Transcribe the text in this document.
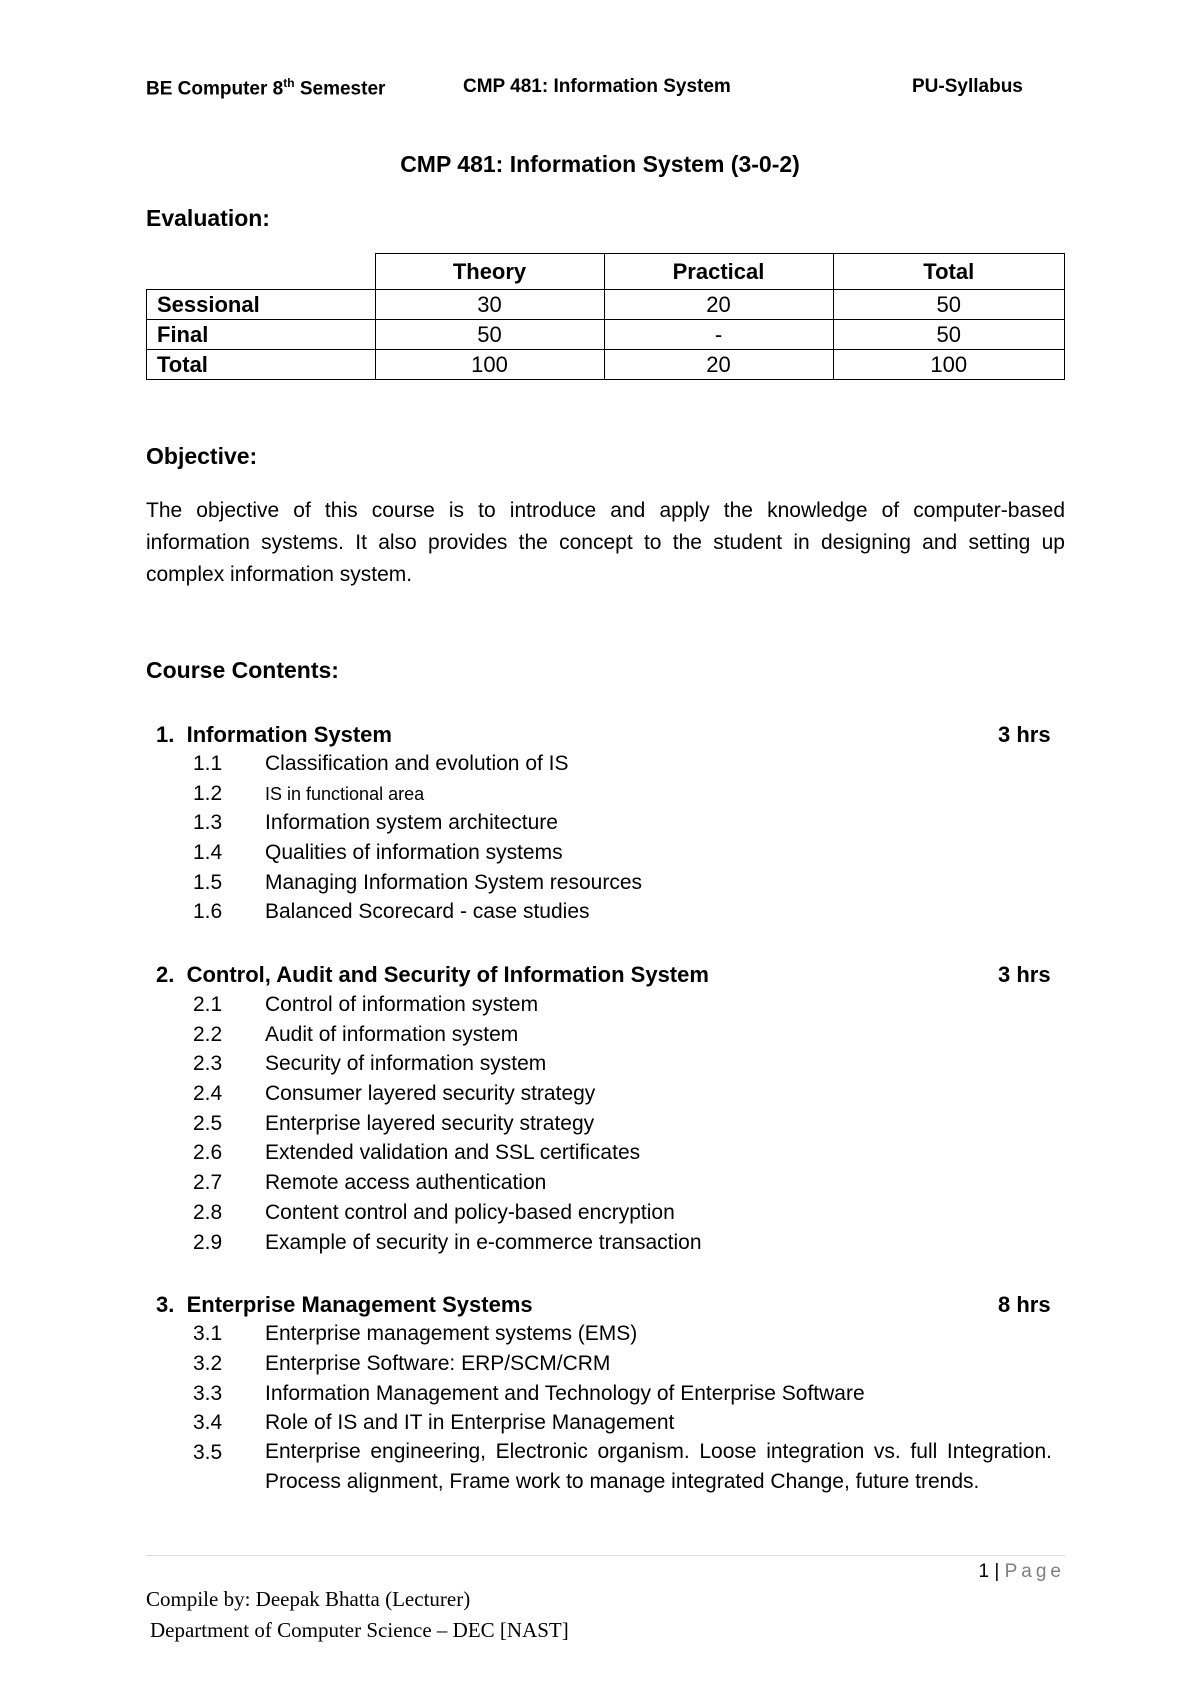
BE Computer 8th Semester	CMP 481: Information System	PU-Syllabus
CMP 481: Information System (3-0-2)
Evaluation:
	Theory	Practical	Total
Sessional	30	20	50
Final	50	-	50
Total	100	20	100
Objective:
The objective of this course is to introduce and apply the knowledge of computer-based information systems. It also provides the concept to the student in designing and setting up complex information system.
Course Contents:
1. Information System	3 hrs
1.1 Classification and evolution of IS
1.2 IS in functional area
1.3 Information system architecture
1.4 Qualities of information systems
1.5 Managing Information System resources
1.6 Balanced Scorecard - case studies
2. Control, Audit and Security of Information System	3 hrs
2.1 Control of information system
2.2 Audit of information system
2.3 Security of information system
2.4 Consumer layered security strategy
2.5 Enterprise layered security strategy
2.6 Extended validation and SSL certificates
2.7 Remote access authentication
2.8 Content control and policy-based encryption
2.9 Example of security in e-commerce transaction
3. Enterprise Management Systems	8 hrs
3.1 Enterprise management systems (EMS)
3.2 Enterprise Software: ERP/SCM/CRM
3.3 Information Management and Technology of Enterprise Software
3.4 Role of IS and IT in Enterprise Management
3.5 Enterprise engineering, Electronic organism. Loose integration vs. full Integration. Process alignment, Frame work to manage integrated Change, future trends.
1 | Page
Compile by: Deepak Bhatta (Lecturer)
Department of Computer Science – DEC [NAST]
